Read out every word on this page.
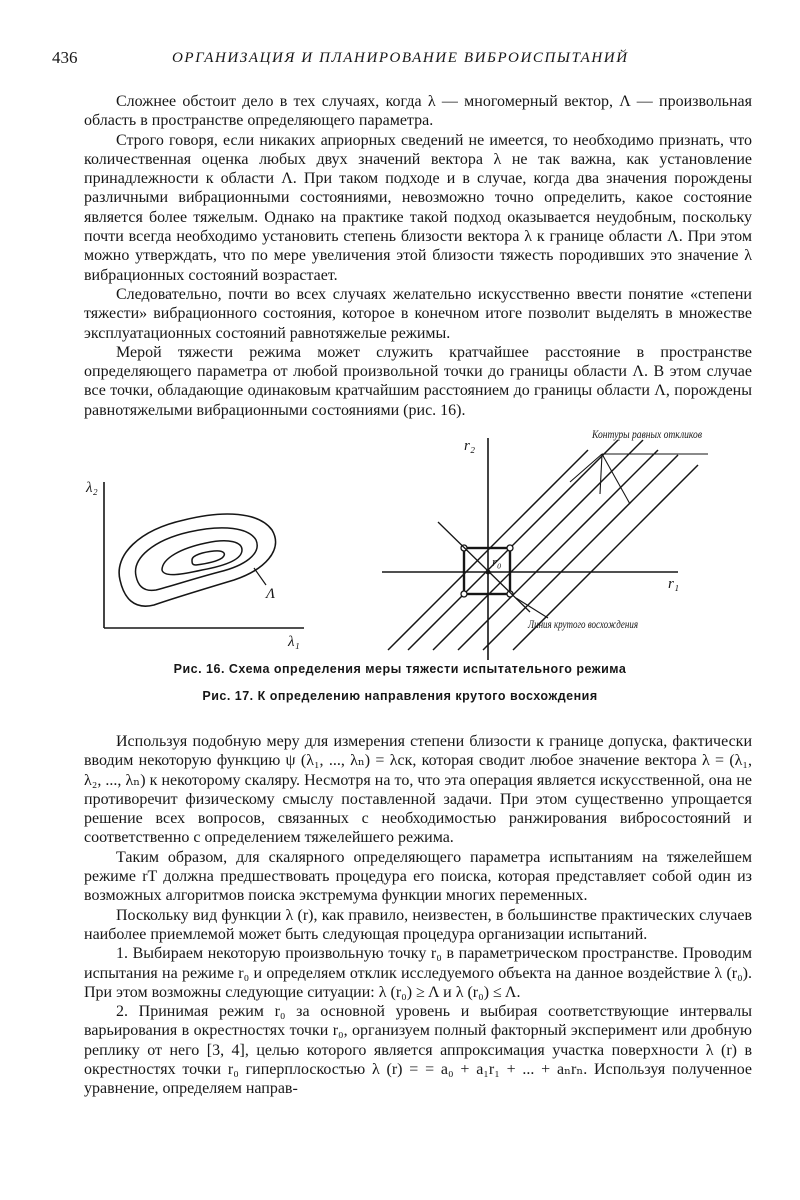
436	ОРГАНИЗАЦИЯ И ПЛАНИРОВАНИЕ ВИБРОИСПЫТАНИЙ

Сложнее обстоит дело в тех случаях, когда λ — многомерный вектор, Λ — произвольная область в пространстве определяющего параметра.

Строго говоря, если никаких априорных сведений не имеется, то необходимо признать, что количественная оценка любых двух значений вектора λ не так важна, как установление принадлежности к области Λ. При таком подходе и в случае, когда два значения порождены различными вибрационными состояниями, невозможно точно определить, какое состояние является более тяжелым. Однако на практике такой подход оказывается неудобным, поскольку почти всегда необходимо установить степень близости вектора λ к границе области Λ. При этом можно утверждать, что по мере увеличения этой близости тяжесть породивших это значение λ вибрационных состояний возрастает.

Следовательно, почти во всех случаях желательно искусственно ввести понятие «степени тяжести» вибрационного состояния, которое в конечном итоге позволит выделять в множестве эксплуатационных состояний равнотяжелые режимы.

Мерой тяжести режима может служить кратчайшее расстояние в пространстве определяющего параметра от любой произвольной точки до границы области Λ. В этом случае все точки, обладающие одинаковым кратчайшим расстоянием до границы области Λ, порождены равнотяжелыми вибрационными состояниями (рис. 16).

λ₂
λ₁
Λ
r₂
r₁
r₀
Контуры равных откликов
Линия крутого восхождения
Рис. 16. Схема определения меры тяжести испытательного режима
Рис. 17. К определению направления крутого восхождения

Используя подобную меру для измерения степени близости к границе допуска, фактически вводим некоторую функцию ψ (λ₁, ..., λₙ) = λск, которая сводит любое значение вектора λ = (λ₁, λ₂, ..., λₙ) к некоторому скаляру. Несмотря на то, что эта операция является искусственной, она не противоречит физическому смыслу поставленной задачи. При этом существенно упрощается решение всех вопросов, связанных с необходимостью ранжирования вибросостояний и соответственно с определением тяжелейшего режима.

Таким образом, для скалярного определяющего параметра испытаниям на тяжелейшем режиме rT должна предшествовать процедура его поиска, которая представляет собой один из возможных алгоритмов поиска экстремума функции многих переменных.

Поскольку вид функции λ (r), как правило, неизвестен, в большинстве практических случаев наиболее приемлемой может быть следующая процедура организации испытаний.

1. Выбираем некоторую произвольную точку r₀ в параметрическом пространстве. Проводим испытания на режиме r₀ и определяем отклик исследуемого объекта на данное воздействие λ (r₀). При этом возможны следующие ситуации: λ (r₀) ≥ Λ и λ (r₀) ≤ Λ.

2. Принимая режим r₀ за основной уровень и выбирая соответствующие интервалы варьирования в окрестностях точки r₀, организуем полный факторный эксперимент или дробную реплику от него [3, 4], целью которого является аппроксимация участка поверхности λ (r) в окрестностях точки r₀ гиперплоскостью λ (r) = = a₀ + a₁r₁ + ... + aₙrₙ. Используя полученное уравнение, определяем напрaв-
